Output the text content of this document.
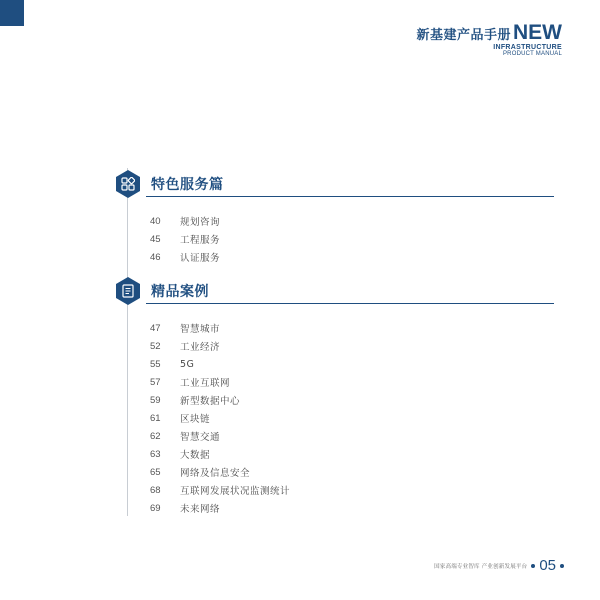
新基建产品手册 NEW
INFRASTRUCTURE
PRODUCT MANUAL
特色服务篇
40	规划咨询
45	工程服务
46	认证服务
精品案例
47	智慧城市
52	工业经济
55	5G
57	工业互联网
59	新型数据中心
61	区块链
62	智慧交通
63	大数据
65	网络及信息安全
68	互联网发展状况监测统计
69	未来网络
国家高端专业智库 产业创新发展平台 05
